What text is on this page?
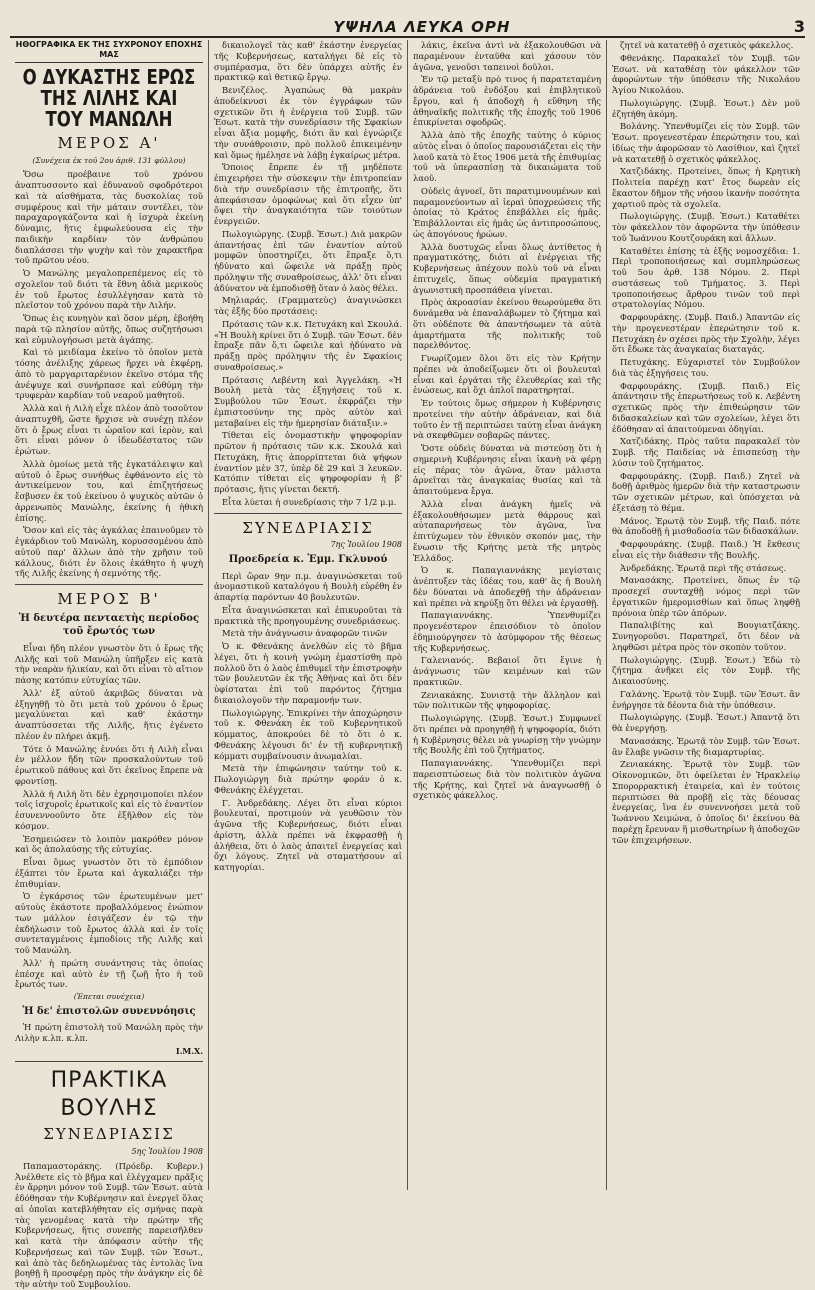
ΥΨΗΛΑ ΛΕΥΚΑ ΟΡΗ	3
ΗΘΟΓΡΑΦΙΚΑ ΕΚ ΤΗΣ ΣΥΧΡΟΝΟΥ ΕΠΟΧΗΣ ΜΑΣ
Ο ΔΥΚΑΣΤΗΣ ΕΡΩΣ ΤΗΣ ΛΙΛΗΣ ΚΑΙ ΤΟΥ ΜΑΝΩΛΗ
ΜΕΡΟΣ Α'
(Συνέχεια ἐκ τοῦ 2ου ἀριθ. 131 φύλλου)

Ὅσω προέβαινε τοῦ χρόνου ἀναπτυσσοντο καὶ ἐδυνανοῦ σφοδρότεροι καὶ τὰ αἰσθήματα, τὰς δυσκολίας τοῦ συμφέρους καὶ τὴν μάταιν συντέλει, τὸν παραχαρογκάζοντα καὶ ἡ ἰσχυρὰ ἐκείνη δύναμις, ἥτις ἐμφωλεύουσα εἰς τὴν παιδικὴν καρδίαν τὸν ἀνθρώπου διαπλάσσει τὴν ψυχὴν καὶ τὸν χαρακτῆρα τοῦ πρῶτου νέου.

Ὁ Μανώλης μεγαλοπρεπέμενος εἰς τὸ σχολεῖον τοῦ διότι τὰ ἔθνη ἀδιὰ μερικοὺς ἐν τοῦ ἔρωτος ἐσυλλέγησαν κατὰ τὸ πλεῖστον τοῦ χρόνου παρὰ τὴν Λιλήν.

Ὅπως ἐις κυνηγὸν καὶ ὅσον μέρη, ἐβοήθη παρὰ τῷ πλησίον αὐτῆς, ὅπως συζητήσωσι καὶ εὐμυλογήσωσι μετὰ ἀγάπης.

Καὶ τὸ μειδίαμα ἐκείνο τὸ ὁποῖον μετὰ τόσης ἀνέλιξης χάρεως ἤρχει νὰ ἐκφέρῃ, ἀπὸ τὸ μαργαριταρένιον ἐκεῖνο στόμα τῆς ἀνέψυχε καὶ συνήρπασε καὶ εὐθύμη τὴν τρυφερὰν καρδίαν τοῦ νεαροῦ μαθητοῦ.

Ἀλλὰ καὶ ἡ Λιλὴ εἶχε πλέον ἀπὸ τοσοῦτον ἀναπτυχθῆ, ὥστε ἤρχισε νὰ συνέχῃ πλέον ὅτι ὁ ἔρως εἶναι τι ὡραῖον καὶ ἱερὸν, καὶ ὅτι εἶναι μόνον ὁ ἰδεωδέστατος τῶν ἐρώτων.

Ἀλλὰ ὁμοίως μετὰ τῆς ἐγκατάλειψιν καὶ αὐτοῦ ὁ ἔρως συνήθως ἐφθάνοντο εἰς τὸ ἀντικείμενον του, καὶ ἐπιζητήσεως ἔσβυσεν ἐκ τοῦ ἐκείνου ὁ ψυχικὸς αὐτῶν ὁ ἀρρενωπὸς Μανώλης, ἐκείνης ἡ ἠθικὴ ἐπίσης.

Ὅσον καὶ εἰς τὰς ἀγκάλας ἐπαινοῦμεν τὸ ἐγκάρδιον τοῦ Μανώλη, κορυσσομένου ἀπὸ αὐτοῦ παρ' ἄλλων ἀπὸ τὴν χρῆσιν τοῦ κάλλους, διότι ἐν ὅλοις ἐκάθητο ἡ ψυχὴ τῆς Λιλῆς ἐκείνης ἡ σεμνότης τῆς.

ΜΕΡΟΣ Β'
Ἡ δευτέρα πενταετὴς περίοδος τοῦ ἔρωτός των

Εἶναι ἤδη πλέον γνωστὸν ὅτι ὁ ἔρως τῆς Λιλῆς καὶ τοῦ Μανώλη ὑπῆρξεν εἰς κατὰ τὴν νεαρὰν ἡλικίαν, καὶ ὅτι εἶναι τὸ αἴτιον πάσης κατόπιν εὐτυχίας τῶν.

Ἀλλ' ἐξ αὐτοῦ ἀκριβῶς δύναται νὰ ἐξηγηθῇ τὸ ὅτι μετὰ τοῦ χρόνου ὁ ἔρως μεγαλύνεται καὶ καθ' ἑκάστην ἀναπτύσσεται τῆς Λιλῆς, ἥτις ἐγένετο πλέον ἐν πλήρει ἀκμῇ.

Τότε ὁ Μανώλης ἐννόει ὅτι ἡ Λιλὴ εἶναι ἐν μέλλον ἤδη τῶν προσκαλούντων τοῦ ἐρωτικοῦ πάθους καὶ ὅτι ἐκεῖνος ἔπρεπε νὰ φροντίσῃ.

Ἀλλὰ ἡ Λιλὴ ὅτι δὲν ἐχρησιμοποίει πλέον τοῖς ἰσχυροῖς ἐρωτικοῖς καὶ εἰς τὸ ἐναντίον ἐσυνεννοοῦντο ὅτε ἐξῆλθον εἰς τὸν κόσμον.

Ἐσημειώσεν τὸ λοιπὸν μακρόθεν μόνον καὶ ὅς ἀπολαύσῃς τῆς εὐτυχίας.

Εἶναι ὅμως γνωστὸν ὅτι τὸ ἐμπόδιον ἐξάπτει τὸν ἔρωτα καὶ ἀγκαλιάζει τὴν ἐπιθυμίαν.

Ὁ ἐγκάρσιος τῶν ἐρωτευμένων μετ' αὐτοὺς ἐκάστοτε προβαλλόμενος ἐνώπιον των μάλλον ἐσιγάζεσν ἐν τῷ τὴν ἐκδήλωσιν τοῦ ἔρωτος ἀλλὰ καὶ ἐν τοῖς συντεταγμένοις ἐμποδίοις τῆς Λιλῆς καὶ τοῦ Μανώλη.

Ἀλλ' ἡ πρώτη συνάντησις τὰς ὁποίας ἐπέσχε καὶ αὐτὸ ἐν τῇ ζωῇ ἦτο ἡ τοῦ ἔρωτός των.

(Ἐπεται συνέχεια)
Ἡ δε' ἐπιστολῶν συνεννόησις

Ἡ πρώτη ἐπιστολὴ τοῦ Μανώλη πρὸς τὴν Λιλὴν κ.λπ. κ.λπ.

Ι.Μ.Χ.
ΠΡΑΚΤΙΚΑ ΒΟΥΛΗΣ
ΣΥΝΕΔΡΙΑΣΙΣ
5ης Ἰουλίου 1908

Παπαμαστοράκης. (Πρόεδρ. Κυβερν.) Ἀνέλθετε εἰς τὸ βῆμα καὶ ἐλέγχαμεν πρᾶξις ἐν ἄρρηνι μόνον τοῦ Συμβ. τῶν Ἐσωτ. αὐτὰ ἐδόθησαν τὴν Κυβέρνησιν καὶ ἐνεργεῖ ὅλας αἱ ὁποῖαι κατεβλήθηταν εἰς σμήνας παρὰ τὰς γενομένας κατὰ τὴν πρώτην τῆς Κυβερνήσεως, ἥτις συνεπὴς παρεισῆλθεν καὶ κατὰ τὴν ἀπόφασιν αὐτὴν τῆς Κυβερνήσεως καὶ τῶν Συμβ. τῶν Ἐσωτ., καὶ ἀπὸ τὰς δεδηλωμένας τὰς ἐντολὰς ἵνα βοηθῇ ἢ προσφέρῃ πρὸς τὴν ἀνάγκην εἰς δὲ τὴν αὐτὴν τοῦ Συμβουλίου.

δικαιολογεῖ τὰς καθ' ἑκάστην ἐνεργείας τῆς Κυβερνήσεως, καταλήγει δὲ εἰς τὸ συμπέρασμα, ὅτι δὲν ὑπάρχει αὐτῆς ἐν πρακτικῷ καὶ θετικῷ ἔργῳ.

Βενιζέλος. Ἀγαπώως θὰ μακρὰν ἀποδείκνυσι ἐκ τὸν ἐγγράφων τῶν σχετικῶν ὅτι ἡ ἐνέργεια τοῦ Συμβ. τῶν Ἐσωτ. κατὰ τὴν συνεδρίασιν τῆς Σφακίων εἶναι ἄξια μομφῆς, διότι ἂν καὶ ἐγνώριζε τὴν συνάθροισιν, πρὸ πολλοῦ ἐπικειμένην καὶ ὅμως ἠμέλησε νὰ λάβῃ ἐγκαίρως μέτρα.

Ὅποιος ἔπρεπε ἐν τῇ μηδέποτε ἐπιχειρήσει τὴν σύσκεψιν τὴν ἐπιτροπείαν διὰ τὴν συνεδρίασιν τῆς ἐπιτροπῆς, ὅτι ἀπεφάσισαν ὁμοφώνως καὶ ὅτι εἶχεν ὑπ' ὄψει τὴν ἀναγκαιότητα τῶν τοιούτων ἐνεργειῶν.

Πωλογιώργης. (Συμβ. Ἐσωτ.) Διὰ μακρῶν ἀπαντήσας ἐπὶ τῶν ἐναντίον αὐτοῦ μομφῶν ὑποστηρίζει, ὅτι ἔπραξε ὅ,τι ἠδύνατο καὶ ὤφειλε νὰ πράξῃ πρὸς πρόληψιν τῆς συναθροίσεως, ἀλλ' ὅτι εἶναι ἀδύνατον νὰ ἐμποδισθῇ ὅταν ὁ λαὸς θέλει.

Μηλιαράς. (Γραμματεὺς) ἀναγινώσκει τὰς ἐξῆς δύο προτάσεις:

Πρότασις τῶν κ.κ. Πετυχάκη καὶ Σκουλά. «Ἡ Βουλὴ κρίνει ὅτι ὁ Συμβ. τῶν Ἐσωτ. δὲν ἔπραξε πᾶν ὅ,τι ὤφειλε καὶ ἠδύνατο νὰ πράξῃ πρὸς πρόληψιν τῆς ἐν Σφακίοις συναθροίσεως.»

Πρότασις Λεβέντη καὶ Ἀγγελάκη. «Ἡ Βουλὴ μετὰ τὰς ἐξηγήσεις τοῦ κ. Συμβούλου τῶν Ἐσωτ. ἐκφράζει τὴν ἐμπιστοσύνην της πρὸς αὐτὸν καὶ μεταβαίνει εἰς τὴν ἡμερησίαν διάταξιν.»

Τίθεται εἰς ὀνομαστικὴν ψηφοφορίαν πρῶτον ἡ πρότασις τῶν κ.κ. Σκουλά καὶ Πετυχάκη, ἥτις ἀπορρίπτεται διὰ ψήφων ἐναντίον μὲν 37, ὑπὲρ δὲ 29 καὶ 3 λευκῶν. Κατόπιν τίθεται εἰς ψηφοφορίαν ἡ β' πρότασις, ἥτις γίνεται δεκτή.

Εἶτα λύεται ἡ συνεδρίασις τὴν 7 1/2 μ.μ.

ΣΥΝΕΔΡΙΑΣΙΣ
7ης Ἰουλίου 1908
Προεδρεία κ. Ἐμμ. Γκλυνού

Περὶ ὥραν 9ην π.μ. ἀναγινώσκεται τοῦ ἀνομαστικοῦ καταλόγου ἡ Βουλὴ εὑρέθη ἐν ἀπαρτίᾳ παρόντων 40 βουλευτῶν.

Εἶτα ἀναγινώσκεται καὶ ἐπικυροῦται τὰ πρακτικὰ τῆς προηγουμένης συνεδριάσεως.

Μετὰ τὴν ἀνάγνωσιν ἀναφορῶν τινῶν

Ὁ κ. Φθενάκης ἀνελθὼν εἰς τὸ βῆμα λέγει, ὅτι ἡ κοινὴ γνώμη ἐμαστίσθη πρὸ πολλοῦ ὅτι ὁ λαὸς ἐπιθυμεῖ τὴν ἐπιστροφὴν τῶν βουλευτῶν ἐκ τῆς Ἀθήνας καὶ ὅτι δὲν ὑφίσταται ἐπὶ τοῦ παρόντος ζήτημα δικαιολογοῦν τὴν παραμονήν των.

Πωλογιώργης. Ἐπικρίνει τὴν ἀποχώρησιν τοῦ κ. Φθενάκη ἐκ τοῦ Κυβερνητικοῦ κόμματος, ἀποκρούει δὲ τὸ ὅτι ὁ κ. Φθενάκης λέγουσι δι' ἐν τῇ κυβερνητικῇ κόμματι συμβαίνουσιν ἀνωμαλίαι.

Μετὰ τὴν ἐπιφώνησιν ταύτην τοῦ κ. Πωλογιώργη διὰ πρώτην φοράν ὁ κ. Φθενάκης ἐλέγχεται.

Γ. Ἀνδρεδάκης. Λέγει ὅτι εἶναι κύριοι βουλευταί, προτιμούν νὰ γευθῶσιν τὸν ἀγῶνα τῆς Κυβερνήσεως, διότι εἶναι ἀρίστη, ἀλλὰ πρέπει νὰ ἐκφρασθῇ ἡ ἀλήθεια, ὅτι ὁ λαὸς ἀπαιτεῖ ἐνεργείας καὶ ὄχι λόγους. Ζητεῖ νὰ σταματήσουν αἱ κατηγορίαι.

λάκις, ἐκεῖνα ἀντὶ νὰ ἐξακολουθῶσι νὰ παραμένουν ἐνταῦθα καὶ χάσουν τὸν ἀγῶνα, γενοῦσι ταπεινοὶ δοῦλοι.

Ἐν τῷ μεταξὺ πρὸ τινος ἡ παρατεταμένη ἀδράνεια τοῦ ἐνδόξου καὶ ἐπιβλητικοῦ ἔργου, καὶ ἡ ἀποδοχὴ ἡ εὔθηνη τῆς ἀθηναϊκῆς πολιτικῆς τῆς ἐποχῆς τοῦ 1906 ἐπικρίνεται σφοδρῶς.

Ἀλλὰ ἀπὸ τῆς ἐποχῆς ταύτης ὁ κύριος αὐτὸς εἶναι ὁ ὁποῖος παρουσιάζεται εἰς τὴν λαοῦ κατὰ τὸ ἔτος 1906 μετὰ τῆς ἐπιθυμίας τοῦ νὰ ὑπερασπίσῃ τὰ δικαιώματα τοῦ λαοῦ.

Οὐδεὶς ἀγνοεῖ, ὅτι παρατιμνουμένων καὶ παραμονεύοντων αἱ ἱεραὶ ὑποχρεώσεις τῆς ὁποίας τὸ Κράτος ἐπεβάλλει εἰς ἡμᾶς. Ἐπιβάλλονται εἰς ἡμᾶς ὡς ἀντιπροσώπους, ὡς ἀπογόνους ἡρώων.

Ἀλλὰ δυστυχῶς εἶναι ὅλως ἀντίθετος ἡ πραγματικότης, διότι αἱ ἐνέργειαι τῆς Κυβερνήσεως ἀπέχουν πολὺ τοῦ νὰ εἶναι ἐπιτυχεῖς, ὅπως οὐδεμία πραγματική ἀγωνιστικὴ προσπάθεια γίνεται.

Πρὸς ἀκροασίαν ἐκείνου θεωρούμεθα ὅτι δυνάμεθα νὰ ἐπαναλάβωμεν τὸ ζήτημα καὶ ὅτι οὐδέποτε θὰ ἀπαντήσωμεν τὰ αὐτὰ ἀμαρτήματα τῆς πολιτικῆς τοῦ παρελθόντος.

Γνωρίζομεν ὅλοι ὅτι εἰς τὸν Κρήτην πρέπει νὰ ἀποδείξωμεν ὅτι οἱ βουλευταὶ εἶναι καὶ ἐργάται τῆς ἐλευθερίας καὶ τῆς ἑνώσεως, καὶ ὅχι ἁπλοῖ παρατηρηταί.

Ἐν τούτοις ὅμως σήμερον ἡ Κυβέρνησις προτείνει τὴν αὐτὴν ἀδράνειαν, καὶ διὰ τοῦτο ἐν τῇ περιπτώσει ταύτῃ εἶναι ἀνάγκη νὰ σκεφθῶμεν σοβαρῶς πάντες.

Ὅστε οὐδεὶς δύναται νὰ πιστεύσῃ ὅτι ἡ σημερινὴ Κυβέρνησις εἶναι ἱκανὴ νὰ φέρῃ εἰς πέρας τὸν ἀγῶνα, ὅταν μάλιστα ἀρνεῖται τὰς ἀναγκαίας θυσίας καὶ τὰ ἀπαιτούμενα ἔργα.

Ἀλλὰ εἶναι ἀνάγκη ἡμεῖς νὰ ἐξακολουθήσωμεν μετὰ θάρρους καὶ αὐταπαρνήσεως τὸν ἀγῶνα, ἵνα ἐπιτύχωμεν τὸν ἐθνικὸν σκοπόν μας, τὴν ἕνωσιν τῆς Κρήτης μετὰ τῆς μητρὸς Ἑλλάδος.

Ὁ κ. Παπαγιαννάκης μεγίσταις ἀνέπτυξεν τὰς ἰδέας του, καθ' ἃς ἡ Βουλὴ δὲν δύναται νὰ ἀποδεχθῇ τὴν ἀδράνειαν καὶ πρέπει νὰ κηρύξῃ ὅτι θέλει νὰ ἐργασθῇ.

Παπαγιαννάκης. Ὑπενθυμίζει προγενέστερον ἐπεισόδιον τὸ ὁποῖον ἐδημιούργησεν τὸ ἀσύμφορον τῆς θέσεως τῆς Κυβερνήσεως.

Γαλενιανός. Βεβαιοῖ ὅτι ἔγινε ἡ ἀνάγνωσις τῶν κειμένων καὶ τῶν πρακτικῶν.

Ζενιακάκης. Συνιστᾷ τὴν ἄλληλον καὶ τῶν πολιτικῶν τῆς ψηφοφορίας.

Πωλογιώργης. (Συμβ. Ἐσωτ.) Συμφωνεῖ ὅτι πρέπει νὰ προηγηθῇ ἡ ψηφοφορία, διότι ἡ Κυβέρνησις θέλει νὰ γνωρίσῃ τὴν γνώμην τῆς Βουλῆς ἐπὶ τοῦ ζητήματος.

Παπαγιαννάκης. Ὑπενθυμίζει περὶ παρεισπτώσεως διὰ τὸν πολιτικὸν ἀγῶνα τῆς Κρήτης, καὶ ζητεῖ νὰ ἀναγνωσθῇ ὁ σχετικὸς φάκελλος.

ζητεῖ νὰ κατατεθῇ ὁ σχετικὸς φάκελλος.

Φθενάκης. Παρακαλεῖ τὸν Συμβ. τῶν Ἐσωτ. νὰ καταθέσῃ τὸν φάκελλον τῶν ἀφορώντων τὴν ὑπόθεσιν τῆς Νικολάου Ἁγίου Νικολάου.

Πωλογιώργης. (Συμβ. Ἐσωτ.) Δὲν μοῦ ἐζητήθη ἀκόμη.

Βολάνης. Ὑπενθυμίζει εἰς τὸν Συμβ. τῶν Ἐσωτ. προγενεστέραν ἐπερώτησιν του, καὶ ἰδίως τὴν ἀφορῶσαν τὸ Λασίθιον, καὶ ζητεῖ νὰ κατατεθῇ ὁ σχετικὸς φάκελλος.

Χατζιδάκης. Προτείνει, ὅπως ἡ Κρητικὴ Πολιτεία παρέχῃ κατ' ἔτος δωρεὰν εἰς ἕκαστον δῆμον τῆς νήσου ἱκανὴν ποσότητα χαρτιοῦ πρὸς τὰ σχολεῖα.

Πωλογιώργης. (Συμβ. Ἐσωτ.) Καταθέτει τὸν φάκελλον τὸν ἀφορῶντα τὴν ὑπόθεσιν τοῦ Ἰωάννου Κουτζουράκη καὶ ἄλλων.

Καταθέτει ἐπίσης τὰ ἑξῆς νομοσχέδια: 1. Περὶ τροποποιήσεως καὶ συμπληρώσεως τοῦ 5ου ἀρθ. 138 Νόμου. 2. Περὶ συστάσεως τοῦ Τμήματος. 3. Περὶ τροποποιήσεως ἄρθρου τινῶν τοῦ περὶ στρατολογίας Νόμου.

Φαρφουράκης. (Συμβ. Παιδ.) Ἀπαντῶν εἰς τὴν προγενεστέραν ἐπερώτησιν τοῦ κ. Πετυχάκη ἐν σχέσει πρὸς τὴν Σχολὴν, λέγει ὅτι ἔδωκε τὰς ἀναγκαίας διαταγάς.

Πετυχάκης. Εὐχαριστεῖ τὸν Συμβούλον διὰ τὰς ἐξηγήσεις του.

Φαρφουράκης. (Συμβ. Παιδ.) Εἰς ἀπάντησιν τῆς ἐπερωτήσεως τοῦ κ. Λεβέντη σχετικῶς πρὸς τὴν ἐπιθεώρησιν τῶν διδασκαλείων καὶ τῶν σχολείων, λέγει ὅτι ἐδόθησαν αἱ ἀπαιτούμεναι ὁδηγίαι.

Χατζιδάκης. Πρὸς ταῦτα παρακαλεῖ τὸν Συμβ. τῆς Παιδείας νὰ ἐπισπεύσῃ τὴν λύσιν τοῦ ζητήματος.

Φαρφουράκης. (Συμβ. Παιδ.) Ζητεῖ νὰ δοθῇ ἀριθμὸς ἡμερῶν διὰ τὴν καταστρωσιν τῶν σχετικῶν μέτρων, καὶ ὑπόσχεται νὰ ἐξετάσῃ τὸ θέμα.

Μάνος. Ἐρωτᾷ τὸν Συμβ. τῆς Παιδ. πότε θὰ ἀποδοθῇ ἡ μισθοδοσία τῶν διδασκάλων.

Φαρφουράκης. (Συμβ. Παιδ.) Ἡ ἔκθεσις εἶναι εἰς τὴν διάθεσιν τῆς Βουλῆς.

Ἀνδρεδάκης. Ἐρωτᾷ περὶ τῆς στάσεως.

Μανασάκης. Προτείνει, ὅπως ἐν τῷ προσεχεῖ συνταχθῇ νόμος περὶ τῶν ἐργατικῶν ἡμερομισθίων καὶ ὅπως ληφθῇ πρόνοια ὑπὲρ τῶν ἀπόρων.

Παπαλιβίτης καὶ Βουγιατζάκης. Συνηγοροῦσι. Παρατηρεῖ, ὅτι δέον νὰ ληφθῶσι μέτρα πρὸς τὸν σκοπὸν τοῦτον.

Πωλογιώργης. (Συμβ. Ἐσωτ.) Ἐδὼ τὸ ζήτημα ἀνῆκει εἰς τὸν Συμβ. τῆς Δικαιοσύνης.

Γαλάνης. Ἐρωτᾷ τὸν Συμβ. τῶν Ἐσωτ. ἂν ἐνήργησε τὰ δέοντα διὰ τὴν ὑπόθεσιν.

Πωλογιώργης. (Συμβ. Ἐσωτ.) Ἀπαντᾷ ὅτι θὰ ἐνεργήσῃ.

Μανασάκης. Ἐρωτᾷ τὸν Συμβ. τῶν Ἐσωτ. ἂν ἔλαβε γνῶσιν τῆς διαμαρτυρίας.

Ζενιακάκης. Ἐρωτᾷ τὸν Συμβ. τῶν Οἰκονομικῶν, ὅτι ὀφείλεται ἐν Ἡρακλείῳ Σπορορρακτικὴ ἑταιρεία, καὶ ἐν τούτοις περιπτώσει θὰ προβῇ εἰς τὰς δέουσας ἐνεργείας, ἵνα ἐν συνεννοήσει μετὰ τοῦ Ἰωάννου Χειμώνα, ὁ ὁποῖος δι' ἐκείνου θὰ παρέχῃ ἔρευναν ἢ μισθωτηρίων ἢ ἀποδοχῶν τῶν ἐπιχειρήσεων.
